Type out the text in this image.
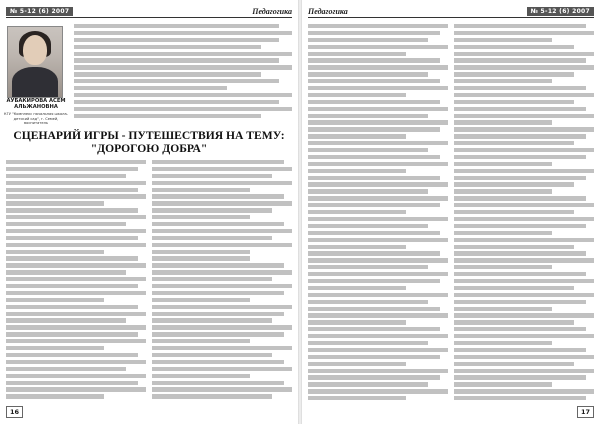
№ 5-12 (6) 2007	Педагогика
АУБАКИРОВА АСЕМ АЛЬЖАНОВНА
КГУ "Комплекс начальная школа-детский сад", г. Семей, воспитатель
СЦЕНАРИЙ ИГРЫ - ПУТЕШЕСТВИЯ НА ТЕМУ:
"ДОРОГОЮ ДОБРА"
16
Педагогика	№ 5-12 (6) 2007
17
